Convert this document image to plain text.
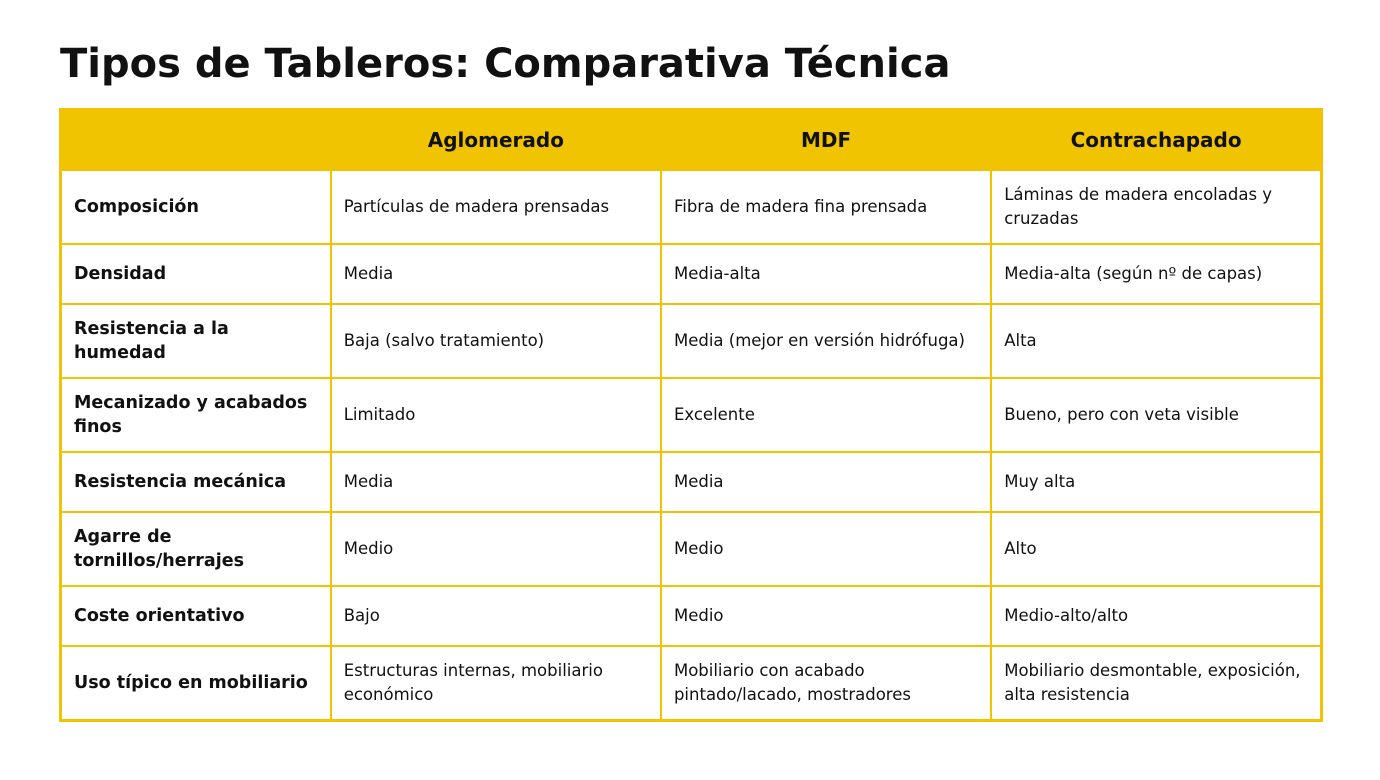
Tipos de Tableros: Comparativa Técnica
	Aglomerado	MDF	Contrachapado
Composición	Partículas de madera prensadas	Fibra de madera fina prensada	Láminas de madera encoladas y cruzadas
Densidad	Media	Media-alta	Media-alta (según nº de capas)
Resistencia a la humedad	Baja (salvo tratamiento)	Media (mejor en versión hidrófuga)	Alta
Mecanizado y acabados finos	Limitado	Excelente	Bueno, pero con veta visible
Resistencia mecánica	Media	Media	Muy alta
Agarre de tornillos/herrajes	Medio	Medio	Alto
Coste orientativo	Bajo	Medio	Medio-alto/alto
Uso típico en mobiliario	Estructuras internas, mobiliario económico	Mobiliario con acabado pintado/lacado, mostradores	Mobiliario desmontable, exposición, alta resistencia
